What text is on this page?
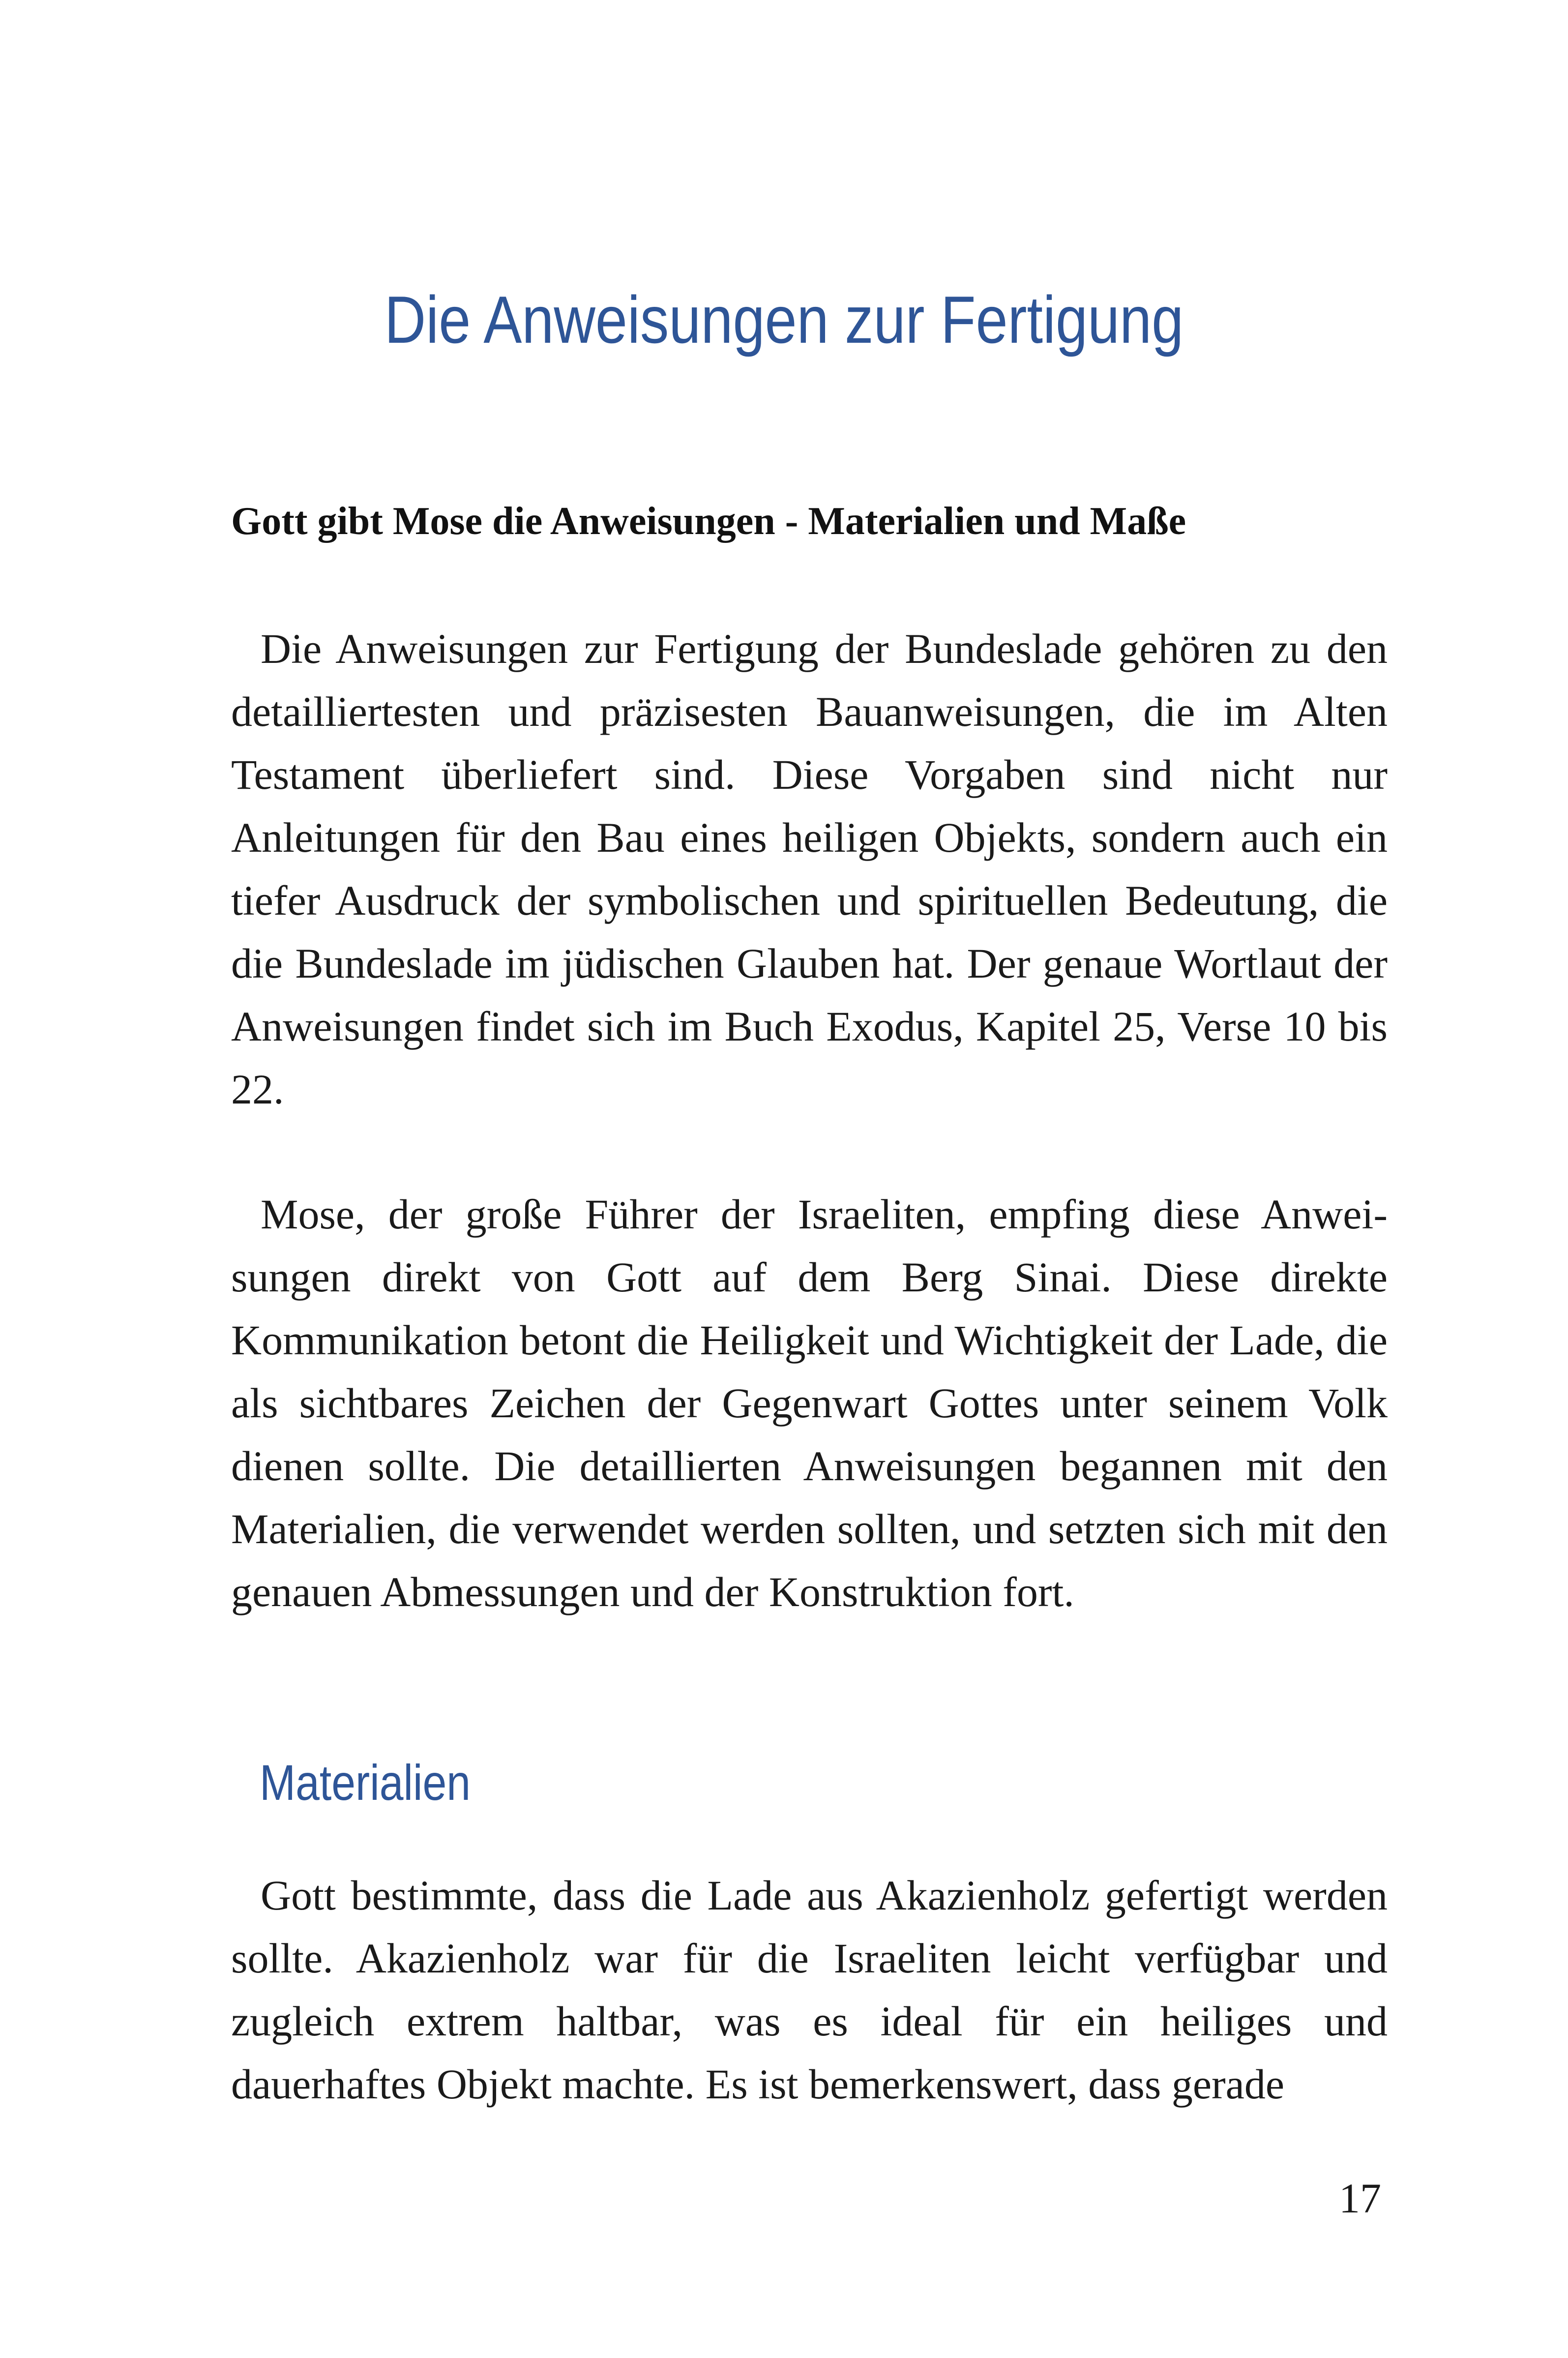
Die Anweisungen zur Fertigung
Gott gibt Mose die Anweisungen - Materialien und Maße

Die Anweisungen zur Fertigung der Bundeslade gehören zu den detailliertesten und präzisesten Bauanweisungen, die im Alten Testament überliefert sind. Diese Vorgaben sind nicht nur Anleitungen für den Bau eines heiligen Objekts, sondern auch ein tiefer Ausdruck der symbolischen und spirituellen Bedeutung, die die Bundeslade im jüdischen Glauben hat. Der genaue Wortlaut der Anweisungen findet sich im Buch Exodus, Kapitel 25, Verse 10 bis 22.

Mose, der große Führer der Israeliten, empfing diese Anweisungen direkt von Gott auf dem Berg Sinai. Diese direkte Kommunikation betont die Heiligkeit und Wichtigkeit der Lade, die als sichtbares Zeichen der Gegenwart Gottes unter seinem Volk dienen sollte. Die detaillierten Anweisungen begannen mit den Materialien, die verwendet werden sollten, und setzten sich mit den genauen Abmessungen und der Konstruktion fort.

Materialien

Gott bestimmte, dass die Lade aus Akazienholz gefertigt werden sollte. Akazienholz war für die Israeliten leicht verfügbar und zugleich extrem haltbar, was es ideal für ein heiliges und dauerhaftes Objekt machte. Es ist bemerkenswert, dass gerade

17
